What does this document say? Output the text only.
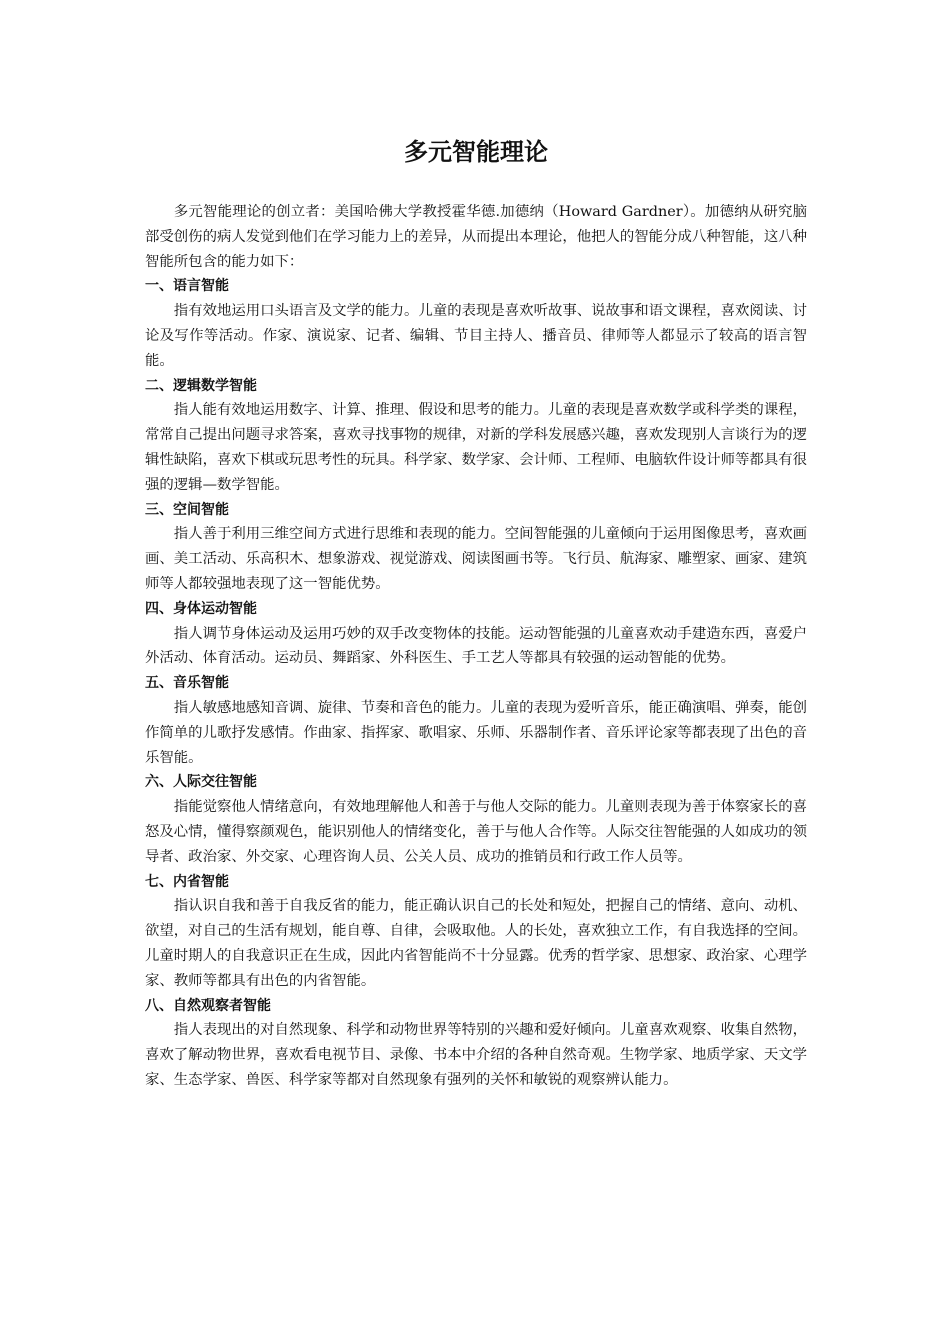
多元智能理论

多元智能理论的创立者：美国哈佛大学教授霍华德.加德纳（Howard Gardner）。加德纳从研究脑部受创伤的病人发觉到他们在学习能力上的差异，从而提出本理论，他把人的智能分成八种智能，这八种智能所包含的能力如下：

一、语言智能

指有效地运用口头语言及文学的能力。儿童的表现是喜欢听故事、说故事和语文课程，喜欢阅读、讨论及写作等活动。作家、演说家、记者、编辑、节目主持人、播音员、律师等人都显示了较高的语言智能。

二、逻辑数学智能

指人能有效地运用数字、计算、推理、假设和思考的能力。儿童的表现是喜欢数学或科学类的课程，常常自己提出问题寻求答案，喜欢寻找事物的规律，对新的学科发展感兴趣，喜欢发现别人言谈行为的逻辑性缺陷，喜欢下棋或玩思考性的玩具。科学家、数学家、会计师、工程师、电脑软件设计师等都具有很强的逻辑—数学智能。

三、空间智能

指人善于利用三维空间方式进行思维和表现的能力。空间智能强的儿童倾向于运用图像思考，喜欢画画、美工活动、乐高积木、想象游戏、视觉游戏、阅读图画书等。飞行员、航海家、雕塑家、画家、建筑师等人都较强地表现了这一智能优势。

四、身体运动智能

指人调节身体运动及运用巧妙的双手改变物体的技能。运动智能强的儿童喜欢动手建造东西，喜爱户外活动、体育活动。运动员、舞蹈家、外科医生、手工艺人等都具有较强的运动智能的优势。

五、音乐智能

指人敏感地感知音调、旋律、节奏和音色的能力。儿童的表现为爱听音乐，能正确演唱、弹奏，能创作简单的儿歌抒发感情。作曲家、指挥家、歌唱家、乐师、乐器制作者、音乐评论家等都表现了出色的音乐智能。

六、人际交往智能

指能觉察他人情绪意向，有效地理解他人和善于与他人交际的能力。儿童则表现为善于体察家长的喜怒及心情，懂得察颜观色，能识别他人的情绪变化，善于与他人合作等。人际交往智能强的人如成功的领导者、政治家、外交家、心理咨询人员、公关人员、成功的推销员和行政工作人员等。

七、内省智能

指认识自我和善于自我反省的能力，能正确认识自己的长处和短处，把握自己的情绪、意向、动机、欲望，对自己的生活有规划，能自尊、自律，会吸取他。人的长处，喜欢独立工作，有自我选择的空间。儿童时期人的自我意识正在生成，因此内省智能尚不十分显露。优秀的哲学家、思想家、政治家、心理学家、教师等都具有出色的内省智能。

八、自然观察者智能

指人表现出的对自然现象、科学和动物世界等特别的兴趣和爱好倾向。儿童喜欢观察、收集自然物，喜欢了解动物世界，喜欢看电视节目、录像、书本中介绍的各种自然奇观。生物学家、地质学家、天文学家、生态学家、兽医、科学家等都对自然现象有强列的关怀和敏锐的观察辨认能力。
